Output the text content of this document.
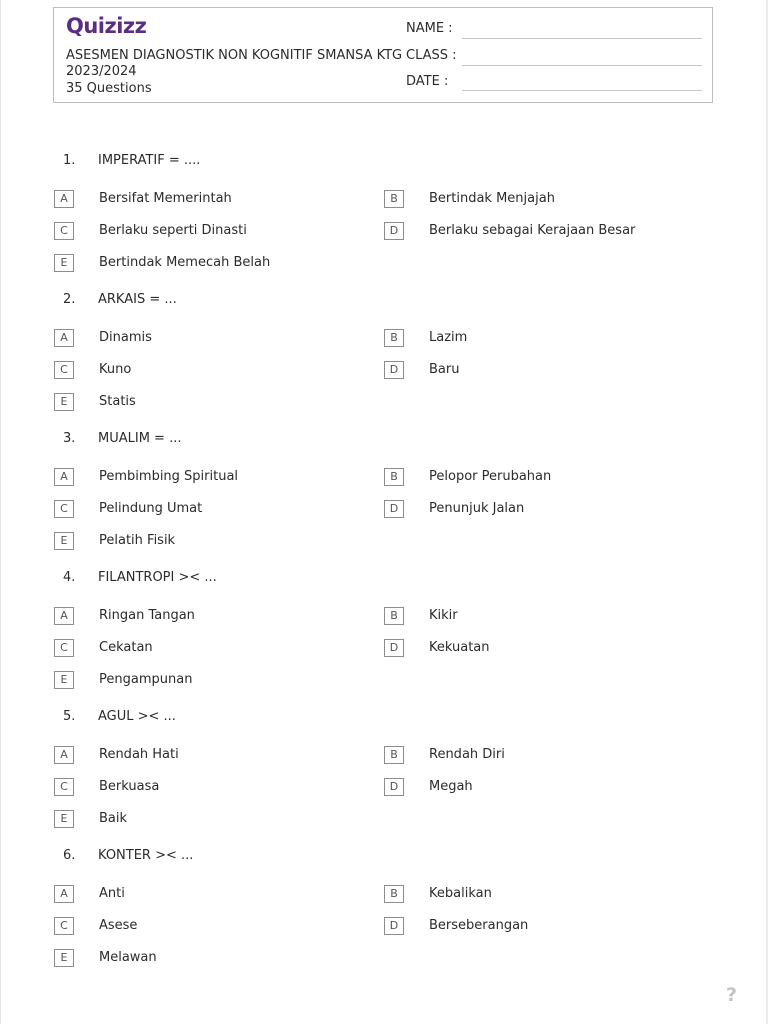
Quizizz
ASESMEN DIAGNOSTIK NON KOGNITIF SMANSA KTG 2023/2024
35 Questions
NAME :
CLASS :
DATE :
1. IMPERATIF = ....
A	Bersifat Memerintah	B	Bertindak Menjajah
C	Berlaku seperti Dinasti	D	Berlaku sebagai Kerajaan Besar
E	Bertindak Memecah Belah
2. ARKAIS = ...
A	Dinamis	B	Lazim
C	Kuno	D	Baru
E	Statis
3. MUALIM = ...
A	Pembimbing Spiritual	B	Pelopor Perubahan
C	Pelindung Umat	D	Penunjuk Jalan
E	Pelatih Fisik
4. FILANTROPI >< ...
A	Ringan Tangan	B	Kikir
C	Cekatan	D	Kekuatan
E	Pengampunan
5. AGUL >< ...
A	Rendah Hati	B	Rendah Diri
C	Berkuasa	D	Megah
E	Baik
6. KONTER >< ...
A	Anti	B	Kebalikan
C	Asese	D	Berseberangan
E	Melawan
?
